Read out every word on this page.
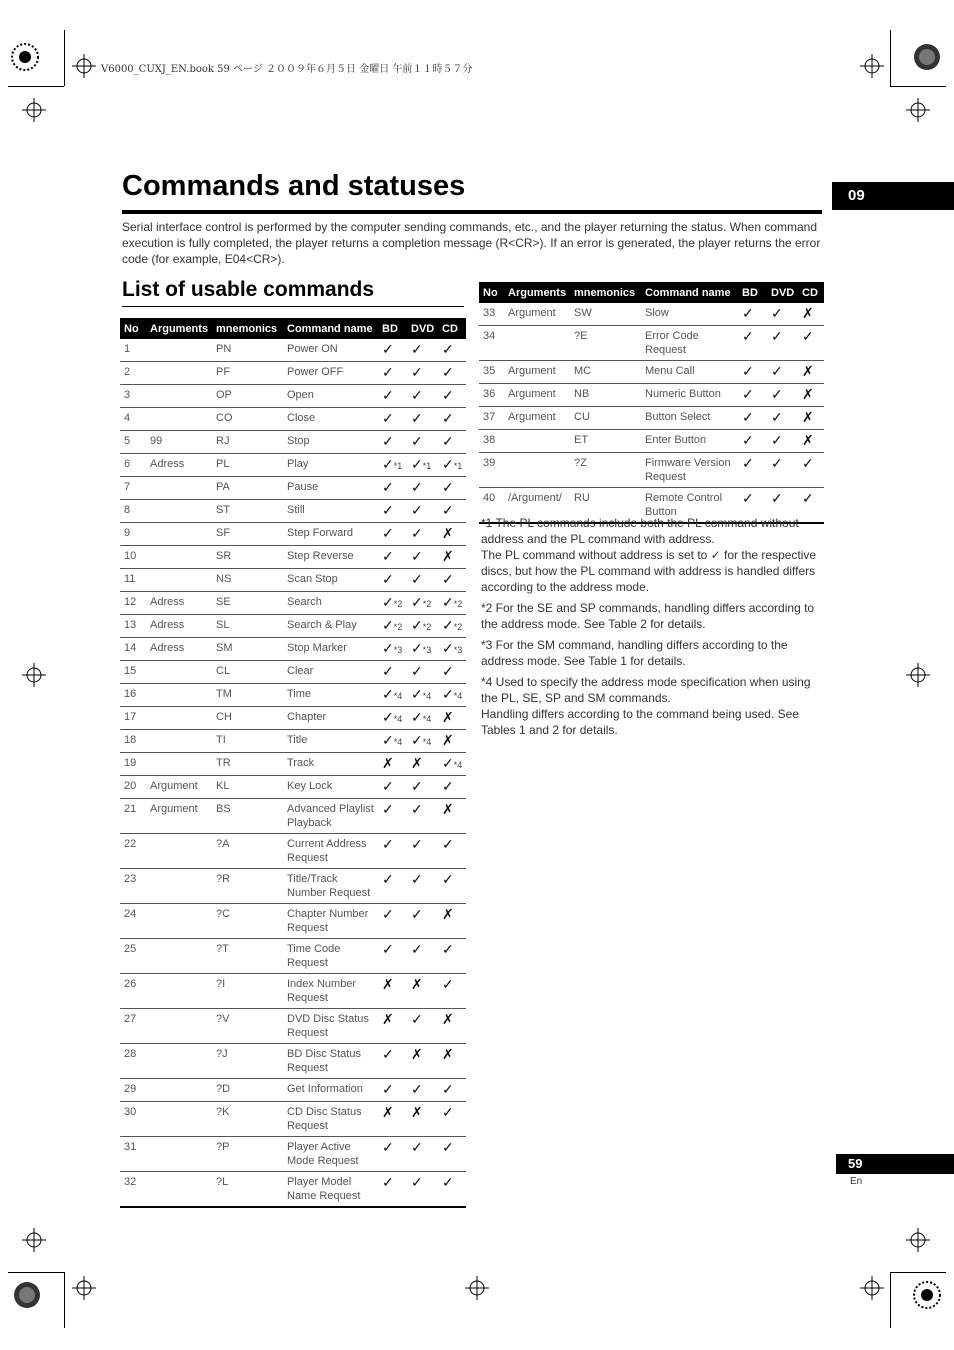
V6000_CUXJ_EN.book 59 ページ ２００９年６月５日 金曜日 午前１１時５７分
Commands and statuses	09

Serial interface control is performed by the computer sending commands, etc., and the player returning the status. When command execution is fully completed, the player returns a completion message (R<CR>). If an error is generated, the player returns the error code (for example, E04<CR>).

List of usable commands
No	Arguments	mnemonics	Command name	BD	DVD	CD
1		PN	Power ON	✓	✓	✓
2		PF	Power OFF	✓	✓	✓
3		OP	Open	✓	✓	✓
4		CO	Close	✓	✓	✓
5	99	RJ	Stop	✓	✓	✓
6	Adress	PL	Play	✓*1	✓*1	✓*1
7		PA	Pause	✓	✓	✓
8		ST	Still	✓	✓	✓
9		SF	Step Forward	✓	✓	✗
10		SR	Step Reverse	✓	✓	✗
11		NS	Scan Stop	✓	✓	✓
12	Adress	SE	Search	✓*2	✓*2	✓*2
13	Adress	SL	Search & Play	✓*2	✓*2	✓*2
14	Adress	SM	Stop Marker	✓*3	✓*3	✓*3
15		CL	Clear	✓	✓	✓
16		TM	Time	✓*4	✓*4	✓*4
17		CH	Chapter	✓*4	✓*4	✗
18		TI	Title	✓*4	✓*4	✗
19		TR	Track	✗	✗	✓*4
20	Argument	KL	Key Lock	✓	✓	✓
21	Argument	BS	Advanced Playlist Playback	✓	✓	✗
22		?A	Current Address Request	✓	✓	✓
23		?R	Title/Track Number Request	✓	✓	✓
24		?C	Chapter Number Request	✓	✓	✗
25		?T	Time Code Request	✓	✓	✓
26		?I	Index Number Request	✗	✗	✓
27		?V	DVD Disc Status Request	✗	✓	✗
28		?J	BD Disc Status Request	✓	✗	✗
29		?D	Get Information	✓	✓	✓
30		?K	CD Disc Status Request	✗	✗	✓
31		?P	Player Active Mode Request	✓	✓	✓
32		?L	Player Model Name Request	✓	✓	✓
No	Arguments	mnemonics	Command name	BD	DVD	CD
33	Argument	SW	Slow	✓	✓	✗
34		?E	Error Code Request	✓	✓	✓
35	Argument	MC	Menu Call	✓	✓	✗
36	Argument	NB	Numeric Button	✓	✓	✗
37	Argument	CU	Button Select	✓	✓	✗
38		ET	Enter Button	✓	✓	✗
39		?Z	Firmware Version Request	✓	✓	✓
40	/Argument/	RU	Remote Control Button	✓	✓	✓

*1 The PL commands include both the PL command without address and the PL command with address.

The PL command without address is set to ✓ for the respective discs, but how the PL command with address is handled differs according to the address mode.

*2 For the SE and SP commands, handling differs according to the address mode. See Table 2 for details.

*3 For the SM command, handling differs according to the address mode. See Table 1 for details.

*4 Used to specify the address mode specification when using the PL, SE, SP and SM commands.

Handling differs according to the command being used. See Tables 1 and 2 for details.

59
En
